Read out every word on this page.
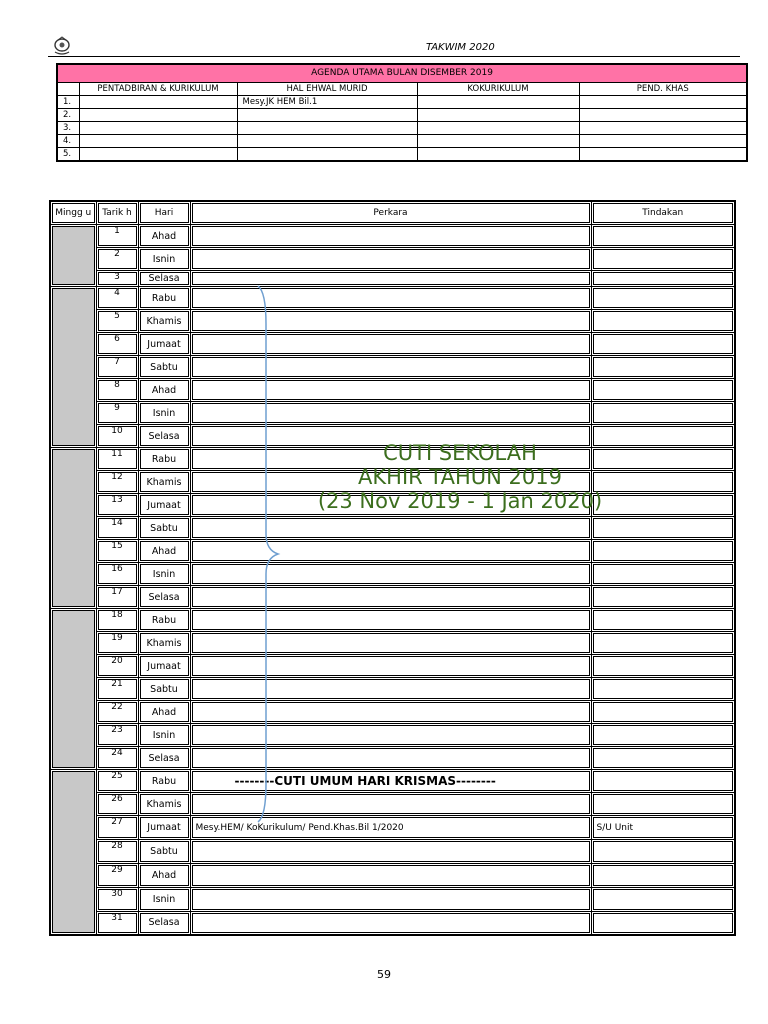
TAKWIM 2020
AGENDA UTAMA BULAN DISEMBER 2019				
	PENTADBIRAN & KURIKULUM	HAL EHWAL MURID	KOKURIKULUM	PEND. KHAS
1.		Mesy.JK HEM Bil.1		
2.				
3.				
4.				
5.				
Mingg u	Tarik h	Hari	Perkara	Tindakan
	1	Ahad		
	2	Isnin		
	3	Selasa		
	4	Rabu		
	5	Khamis		
	6	Jumaat		
	7	Sabtu		
	8	Ahad		
	9	Isnin		
	10	Selasa		
	11	Rabu		
	12	Khamis		
	13	Jumaat		
	14	Sabtu		
	15	Ahad		
	16	Isnin		
	17	Selasa		
	18	Rabu		
	19	Khamis		
	20	Jumaat		
	21	Sabtu		
	22	Ahad		
	23	Isnin		
	24	Selasa		
	25	Rabu	--------CUTI UMUM HARI KRISMAS--------	
	26	Khamis		
	27	Jumaat	Mesy.HEM/ KoKurikulum/ Pend.Khas.Bil 1/2020	S/U Unit
	28	Sabtu		
	29	Ahad		
	30	Isnin		
	31	Selasa		
CUTI SEKOLAH
AKHIR TAHUN 2019
(23 Nov 2019 - 1 Jan 2020)
59
